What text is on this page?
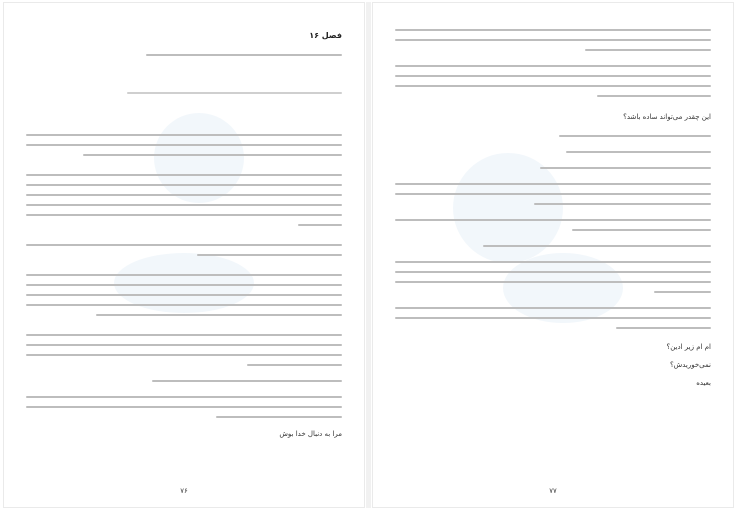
فصل ۱۶
مرا به دنبال خدا بوش
۷۶
این چقدر می‌تواند ساده باشد؟
ام ام زیر ادین؟
نمی‌خوریدش؟
بعیده
۷۷
